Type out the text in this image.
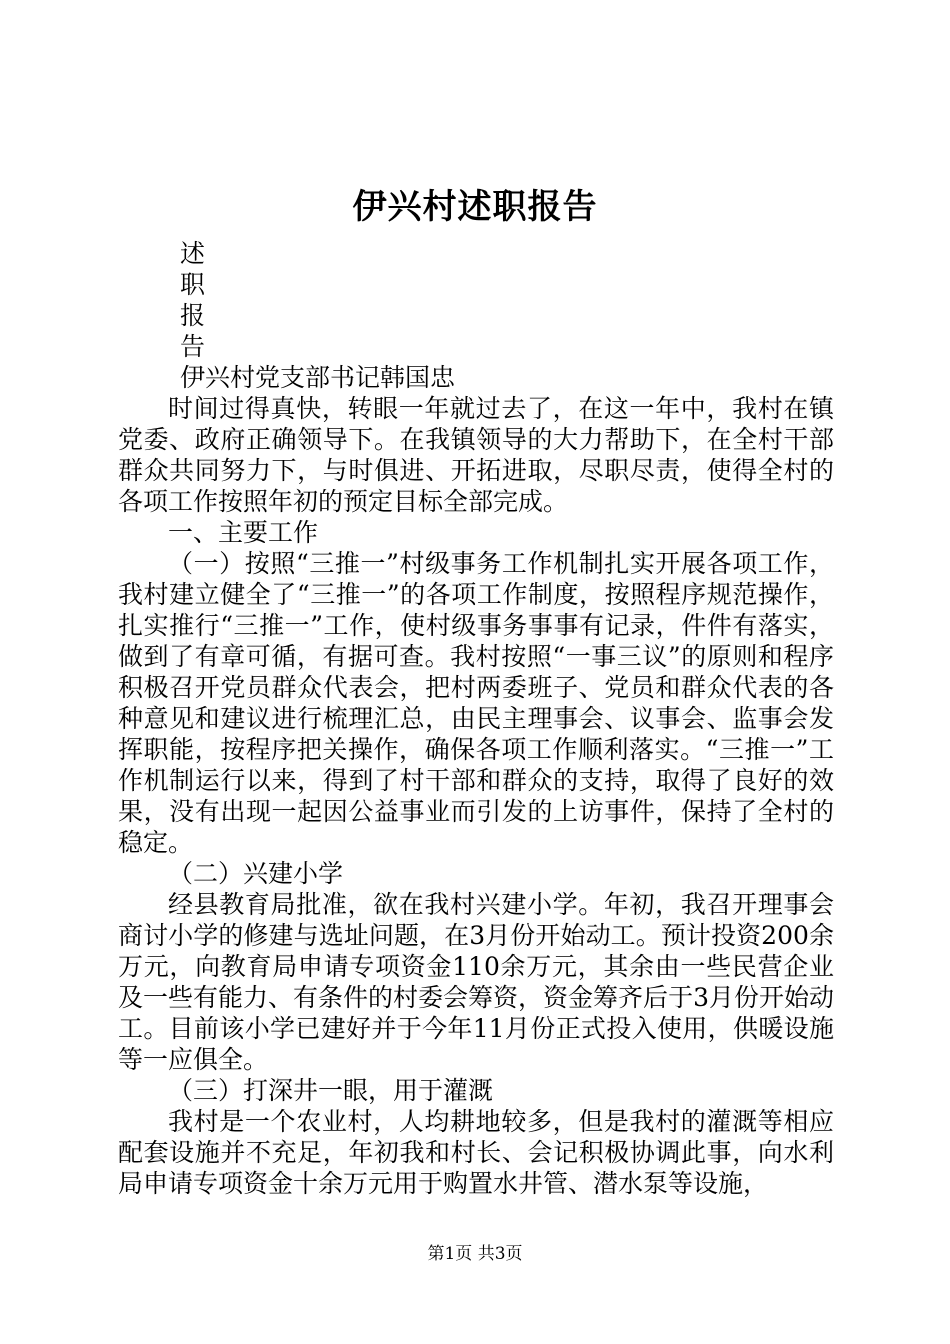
伊兴村述职报告
述
职
报
告

伊兴村党支部书记韩国忠

时间过得真快，转眼一年就过去了，在这一年中，我村在镇党委、政府正确领导下。在我镇领导的大力帮助下，在全村干部群众共同努力下，与时俱进、开拓进取，尽职尽责，使得全村的各项工作按照年初的预定目标全部完成。

一、主要工作

（一）按照“三推一”村级事务工作机制扎实开展各项工作，我村建立健全了“三推一”的各项工作制度，按照程序规范操作，扎实推行“三推一”工作，使村级事务事事有记录，件件有落实，做到了有章可循，有据可查。我村按照“一事三议”的原则和程序积极召开党员群众代表会，把村两委班子、党员和群众代表的各种意见和建议进行梳理汇总，由民主理事会、议事会、监事会发挥职能，按程序把关操作，确保各项工作顺利落实。“三推一”工作机制运行以来，得到了村干部和群众的支持，取得了良好的效果，没有出现一起因公益事业而引发的上访事件，保持了全村的稳定。

（二）兴建小学

经县教育局批准，欲在我村兴建小学。年初，我召开理事会商讨小学的修建与选址问题，在3月份开始动工。预计投资200余万元，向教育局申请专项资金110余万元，其余由一些民营企业及一些有能力、有条件的村委会筹资，资金筹齐后于3月份开始动工。目前该小学已建好并于今年11月份正式投入使用，供暖设施等一应俱全。

（三）打深井一眼，用于灌溉

我村是一个农业村，人均耕地较多，但是我村的灌溉等相应配套设施并不充足，年初我和村长、会记积极协调此事，向水利局申请专项资金十余万元用于购置水井管、潜水泵等设施，

第1页 共3页
